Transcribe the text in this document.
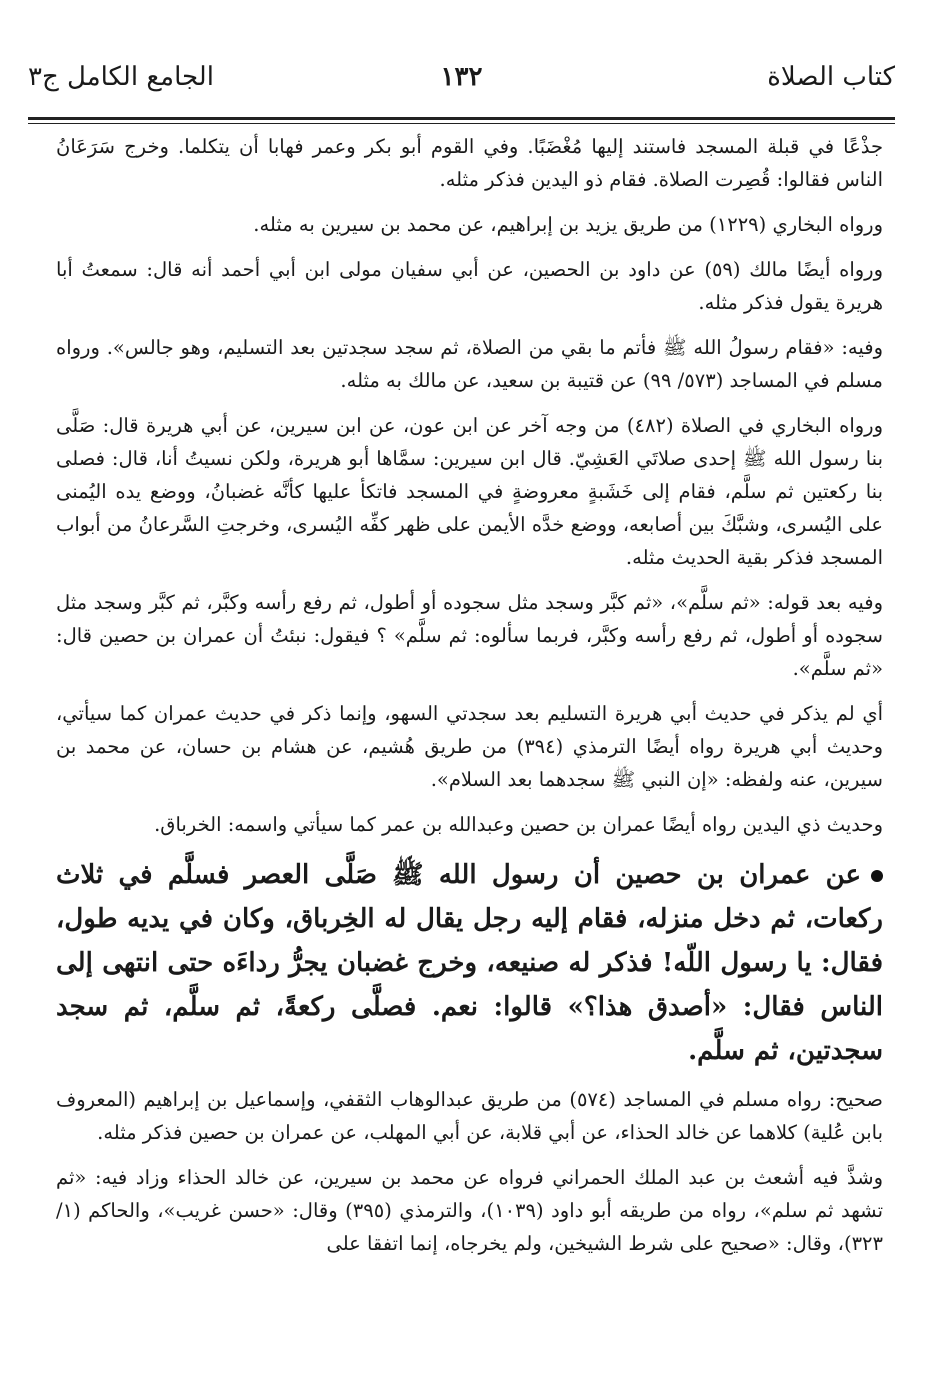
كتاب الصلاة
١٣٢
الجامع الكامل ج٣

جذْعًا في قبلة المسجد فاستند إليها مُغْضَبًا. وفي القوم أبو بكر وعمر فهابا أن يتكلما. وخرج سَرَعَانُ الناس فقالوا: قُصِرت الصلاة. فقام ذو اليدين فذكر مثله.

ورواه البخاري (١٢٢٩) من طريق يزيد بن إبراهيم، عن محمد بن سيرين به مثله.

ورواه أيضًا مالك (٥٩) عن داود بن الحصين، عن أبي سفيان مولى ابن أبي أحمد أنه قال: سمعتُ أبا هريرة يقول فذكر مثله.

وفيه: «فقام رسولُ الله ﷺ فأتم ما بقي من الصلاة، ثم سجد سجدتين بعد التسليم، وهو جالس». ورواه مسلم في المساجد (٥٧٣/ ٩٩) عن قتيبة بن سعيد، عن مالك به مثله.

ورواه البخاري في الصلاة (٤٨٢) من وجه آخر عن ابن عون، عن ابن سيرين، عن أبي هريرة قال: صَلَّى بنا رسول الله ﷺ إحدى صلاتَي العَشِيّ. قال ابن سيرين: سمَّاها أبو هريرة، ولكن نسيتُ أنا، قال: فصلى بنا ركعتين ثم سلَّم، فقام إلى خَشَبةٍ معروضةٍ في المسجد فاتكأ عليها كأنَّه غضبانُ، ووضع يده اليُمنى على اليُسرى، وشبَّكَ بين أصابعه، ووضع خدَّه الأيمن على ظهر كفِّه اليُسرى، وخرجتِ السَّرعانُ من أبواب المسجد فذكر بقية الحديث مثله.

وفيه بعد قوله: «ثم سلَّم»، «ثم كبَّر وسجد مثل سجوده أو أطول، ثم رفع رأسه وكبَّر، ثم كبَّر وسجد مثل سجوده أو أطول، ثم رفع رأسه وكبَّر، فربما سألوه: ثم سلَّم» ؟ فيقول: نبئتُ أن عمران بن حصين قال: «ثم سلَّم».

أي لم يذكر في حديث أبي هريرة التسليم بعد سجدتي السهو، وإنما ذكر في حديث عمران كما سيأتي، وحديث أبي هريرة رواه أيضًا الترمذي (٣٩٤) من طريق هُشيم، عن هشام بن حسان، عن محمد بن سيرين، عنه ولفظه: «إن النبي ﷺ سجدهما بعد السلام».

وحديث ذي اليدين رواه أيضًا عمران بن حصين وعبدالله بن عمر كما سيأتي واسمه: الخرباق.

عن عمران بن حصين أن رسول الله ﷺ صَلَّى العصر فسلَّم في ثلاث ركعات، ثم دخل منزله، فقام إليه رجل يقال له الخِرباق، وكان في يديه طول، فقال: يا رسول اللّه! فذكر له صنيعه، وخرج غضبان يجرُّ رداءَه حتى انتهى إلى الناس فقال: «أصدق هذا؟» قالوا: نعم. فصلَّى ركعةً، ثم سلَّم، ثم سجد سجدتين، ثم سلَّم.

صحيح: رواه مسلم في المساجد (٥٧٤) من طريق عبدالوهاب الثقفي، وإسماعيل بن إبراهيم (المعروف بابن عُلية) كلاهما عن خالد الحذاء، عن أبي قلابة، عن أبي المهلب، عن عمران بن حصين فذكر مثله.

وشذَّ فيه أشعث بن عبد الملك الحمراني فرواه عن محمد بن سيرين، عن خالد الحذاء وزاد فيه: «ثم تشهد ثم سلم»، رواه من طريقه أبو داود (١٠٣٩)، والترمذي (٣٩٥) وقال: «حسن غريب»، والحاكم (١/ ٣٢٣)، وقال: «صحيح على شرط الشيخين، ولم يخرجاه، إنما اتفقا على
